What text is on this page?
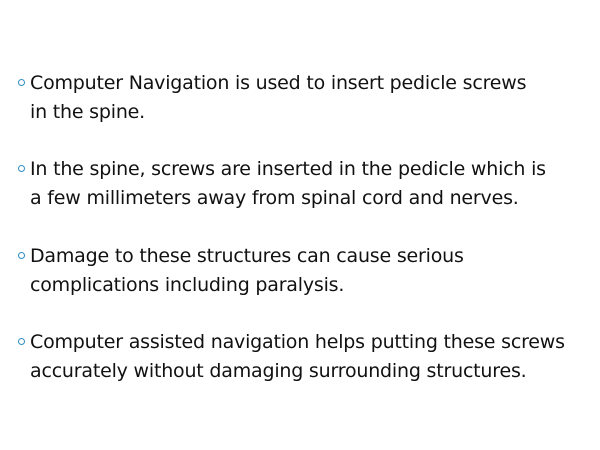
Computer Navigation is used to insert pedicle screws
in the spine.
In the spine, screws are inserted in the pedicle which is
a few millimeters away from spinal cord and nerves.
Damage to these structures can cause serious
complications including paralysis.
Computer assisted navigation helps putting these screws
accurately without damaging surrounding structures.
